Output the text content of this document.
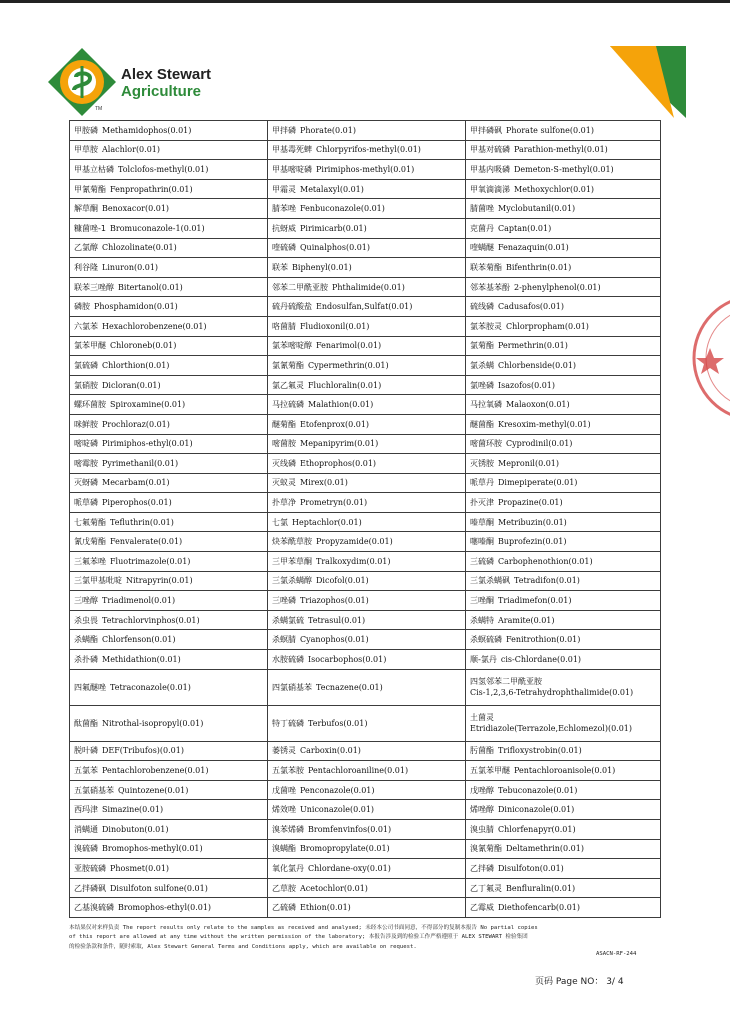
Alex Stewart
Agriculture
TM
甲胺磷 Methamidophos(0.01)	甲拌磷 Phorate(0.01)	甲拌磷砜 Phorate sulfone(0.01)
甲草胺 Alachlor(0.01)	甲基毒死蜱 Chlorpyrifos-methyl(0.01)	甲基对硫磷 Parathion-methyl(0.01)
甲基立枯磷 Tolclofos-methyl(0.01)	甲基嘧啶磷 Pirimiphos-methyl(0.01)	甲基内吸磷 Demeton-S-methyl(0.01)
甲氰菊酯 Fenpropathrin(0.01)	甲霜灵 Metalaxyl(0.01)	甲氧滴滴涕 Methoxychlor(0.01)
解草酮 Benoxacor(0.01)	腈苯唑 Fenbuconazole(0.01)	腈菌唑 Myclobutanil(0.01)
糠菌唑-1 Bromuconazole-1(0.01)	抗蚜威 Pirimicarb(0.01)	克菌丹 Captan(0.01)
乙氯醇 Chlozolinate(0.01)	喹硫磷 Quinalphos(0.01)	喹螨醚 Fenazaquin(0.01)
利谷隆 Linuron(0.01)	联苯 Biphenyl(0.01)	联苯菊酯 Bifenthrin(0.01)
联苯三唑醇 Bitertanol(0.01)	邻苯二甲酰亚胺 Phthalimide(0.01)	邻苯基苯酚 2-phenylphenol(0.01)
磷胺 Phosphamidon(0.01)	硫丹硫酸盐 Endosulfan,Sulfat(0.01)	硫线磷 Cadusafos(0.01)
六氯苯 Hexachlorobenzene(0.01)	咯菌腈 Fludioxonil(0.01)	氯苯胺灵 Chlorpropham(0.01)
氯苯甲醚 Chloroneb(0.01)	氯苯嘧啶醇 Fenarimol(0.01)	氯菊酯 Permethrin(0.01)
氯硫磷 Chlorthion(0.01)	氯氰菊酯 Cypermethrin(0.01)	氯杀螨 Chlorbenside(0.01)
氯硝胺 Dicloran(0.01)	氯乙氟灵 Fluchloralin(0.01)	氯唑磷 Isazofos(0.01)
螺环菌胺 Spiroxamine(0.01)	马拉硫磷 Malathion(0.01)	马拉氧磷 Malaoxon(0.01)
咪鲜胺 Prochloraz(0.01)	醚菊酯 Etofenprox(0.01)	醚菌酯 Kresoxim-methyl(0.01)
嘧啶磷 Pirimiphos-ethyl(0.01)	嘧菌胺 Mepanipyrim(0.01)	嘧菌环胺 Cyprodinil(0.01)
嘧霉胺 Pyrimethanil(0.01)	灭线磷 Ethoprophos(0.01)	灭锈胺 Mepronil(0.01)
灭蚜磷 Mecarbam(0.01)	灭蚁灵 Mirex(0.01)	哌草丹 Dimepiperate(0.01)
哌草磷 Piperophos(0.01)	扑草净 Prometryn(0.01)	扑灭津 Propazine(0.01)
七氟菊酯 Tefluthrin(0.01)	七氯 Heptachlor(0.01)	嗪草酮 Metribuzin(0.01)
氰戊菊酯 Fenvalerate(0.01)	炔苯酰草胺 Propyzamide(0.01)	噻嗪酮 Buprofezin(0.01)
三氟苯唑 Fluotrimazole(0.01)	三甲苯草酮 Tralkoxydim(0.01)	三硫磷 Carbophenothion(0.01)
三氯甲基吡啶 Nitrapyrin(0.01)	三氯杀螨醇 Dicofol(0.01)	三氯杀螨砜 Tetradifon(0.01)
三唑醇 Triadimenol(0.01)	三唑磷 Triazophos(0.01)	三唑酮 Triadimefon(0.01)
杀虫畏 Tetrachlorvinphos(0.01)	杀螨氯硫 Tetrasul(0.01)	杀螨特 Aramite(0.01)
杀螨酯 Chlorfenson(0.01)	杀螟腈 Cyanophos(0.01)	杀螟硫磷 Fenitrothion(0.01)
杀扑磷 Methidathion(0.01)	水胺硫磷 Isocarbophos(0.01)	顺-氯丹 cis-Chlordane(0.01)
四氟醚唑 Tetraconazole(0.01)	四氯硝基苯 Tecnazene(0.01)	四氢邻苯二甲酰亚胺
Cis-1,2,3,6-Tetrahydrophthalimide(0.01)
酞菌酯 Nitrothal-isopropyl(0.01)	特丁硫磷 Terbufos(0.01)	土菌灵
Etridiazole(Terrazole,Echlomezol)(0.01)
脱叶磷 DEF(Tribufos)(0.01)	萎锈灵 Carboxin(0.01)	肟菌酯 Trifloxystrobin(0.01)
五氯苯 Pentachlorobenzene(0.01)	五氯苯胺 Pentachloroaniline(0.01)	五氯苯甲醚 Pentachloroanisole(0.01)
五氯硝基苯 Quintozene(0.01)	戊菌唑 Penconazole(0.01)	戊唑醇 Tebuconazole(0.01)
西玛津 Simazine(0.01)	烯效唑 Uniconazole(0.01)	烯唑醇 Diniconazole(0.01)
消螨通 Dinobuton(0.01)	溴苯烯磷 Bromfenvinfos(0.01)	溴虫腈 Chlorfenapyr(0.01)
溴硫磷 Bromophos-methyl(0.01)	溴螨酯 Bromopropylate(0.01)	溴氰菊酯 Deltamethrin(0.01)
亚胺硫磷 Phosmet(0.01)	氧化氯丹 Chlordane-oxy(0.01)	乙拌磷 Disulfoton(0.01)
乙拌磷砜 Disulfoton sulfone(0.01)	乙草胺 Acetochlor(0.01)	乙丁氟灵 Benfluralin(0.01)
乙基溴硫磷 Bromophos-ethyl(0.01)	乙硫磷 Ethion(0.01)	乙霉威 Diethofencarb(0.01)
本结果仅对来样负责 The report results only relate to the samples as received and analysed; 未经本公司书面同意，不得部分的复制本报告 No partial copies
of this report are allowed at any time without the written permission of the laboratory; 本报告涉及到的检验工作严格遵照于 ALEX STEWART 检验集团
的检验条款和条件，随时索取，Alex Stewart General Terms and Conditions apply, which are available on request.
ASACN-RF-244
页码 Page NO： 3/ 4
